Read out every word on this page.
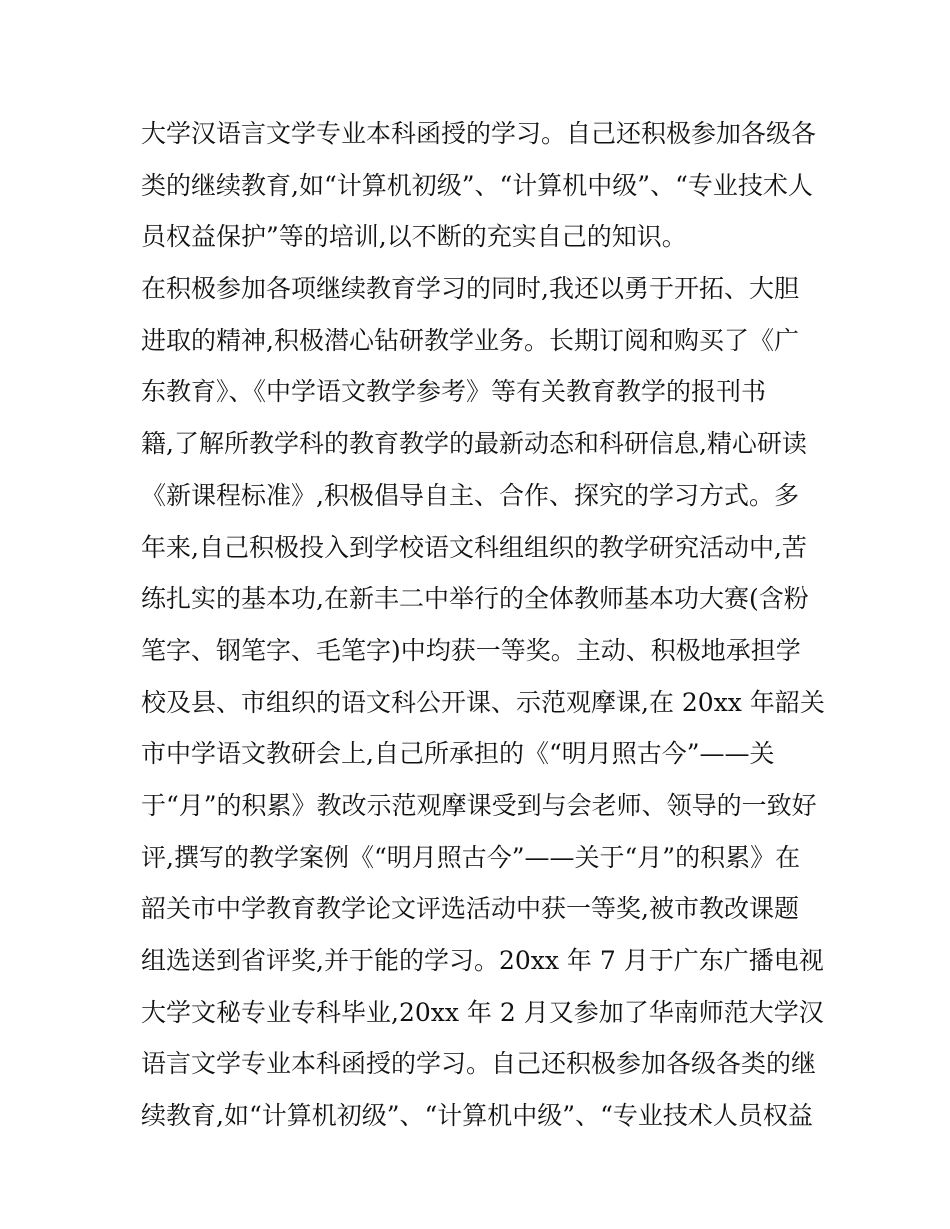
大学汉语言文学专业本科函授的学习。自己还积极参加各级各
类的继续教育,如“计算机初级”、“计算机中级”、“专业技术人
员权益保护”等的培训,以不断的充实自己的知识。
在积极参加各项继续教育学习的同时,我还以勇于开拓、大胆
进取的精神,积极潜心钻研教学业务。长期订阅和购买了《广
东教育》、《中学语文教学参考》等有关教育教学的报刊书
籍,了解所教学科的教育教学的最新动态和科研信息,精心研读
《新课程标准》,积极倡导自主、合作、探究的学习方式。多
年来,自己积极投入到学校语文科组组织的教学研究活动中,苦
练扎实的基本功,在新丰二中举行的全体教师基本功大赛(含粉
笔字、钢笔字、毛笔字)中均获一等奖。主动、积极地承担学
校及县、市组织的语文科公开课、示范观摩课,在 20xx 年韶关
市中学语文教研会上,自己所承担的《“明月照古今”——关
于“月”的积累》教改示范观摩课受到与会老师、领导的一致好
评,撰写的教学案例《“明月照古今”——关于“月”的积累》在
韶关市中学教育教学论文评选活动中获一等奖,被市教改课题
组选送到省评奖,并于能的学习。20xx 年 7 月于广东广播电视
大学文秘专业专科毕业,20xx 年 2 月又参加了华南师范大学汉
语言文学专业本科函授的学习。自己还积极参加各级各类的继
续教育,如“计算机初级”、“计算机中级”、“专业技术人员权益
